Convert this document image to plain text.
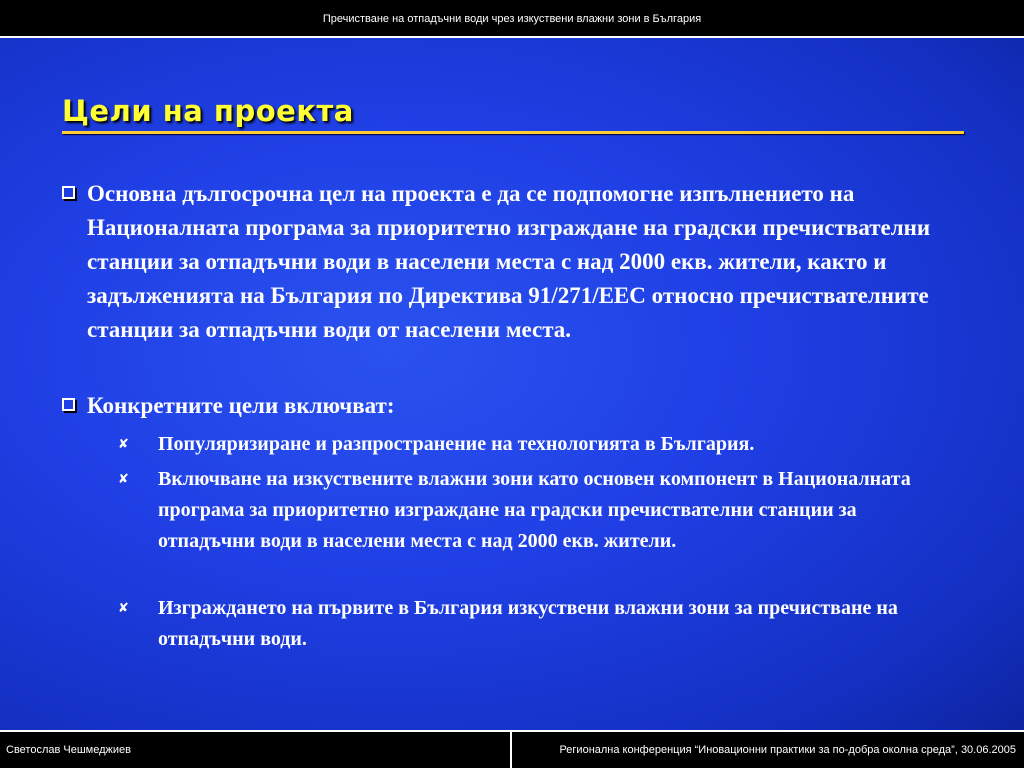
Пречистване на отпадъчни води чрез изкуствени влажни зони в България
Цели на проекта
Основна дългосрочна цел на проекта е да се подпомогне изпълнението на Националната програма за приоритетно изграждане на градски пречиствателни станции за отпадъчни води в населени места с над 2000 екв. жители, както и задълженията на България по Директива 91/271/ЕЕС относно пречиствателните станции за отпадъчни води от населени места.
Конкретните цели включват:
✘	Популяризиране и разпространение на технологията в България.
✘	Включване на изкуствените влажни зони като основен компонент в Националната програма за приоритетно изграждане на градски пречиствателни станции за отпадъчни води в населени места с над 2000 екв. жители.
✘	Изграждането на първите в България изкуствени влажни зони за пречистване на отпадъчни води.
Светослав Чешмеджиев	Регионална конференция “Иновационни практики за по-добра околна среда”, 30.06.2005
